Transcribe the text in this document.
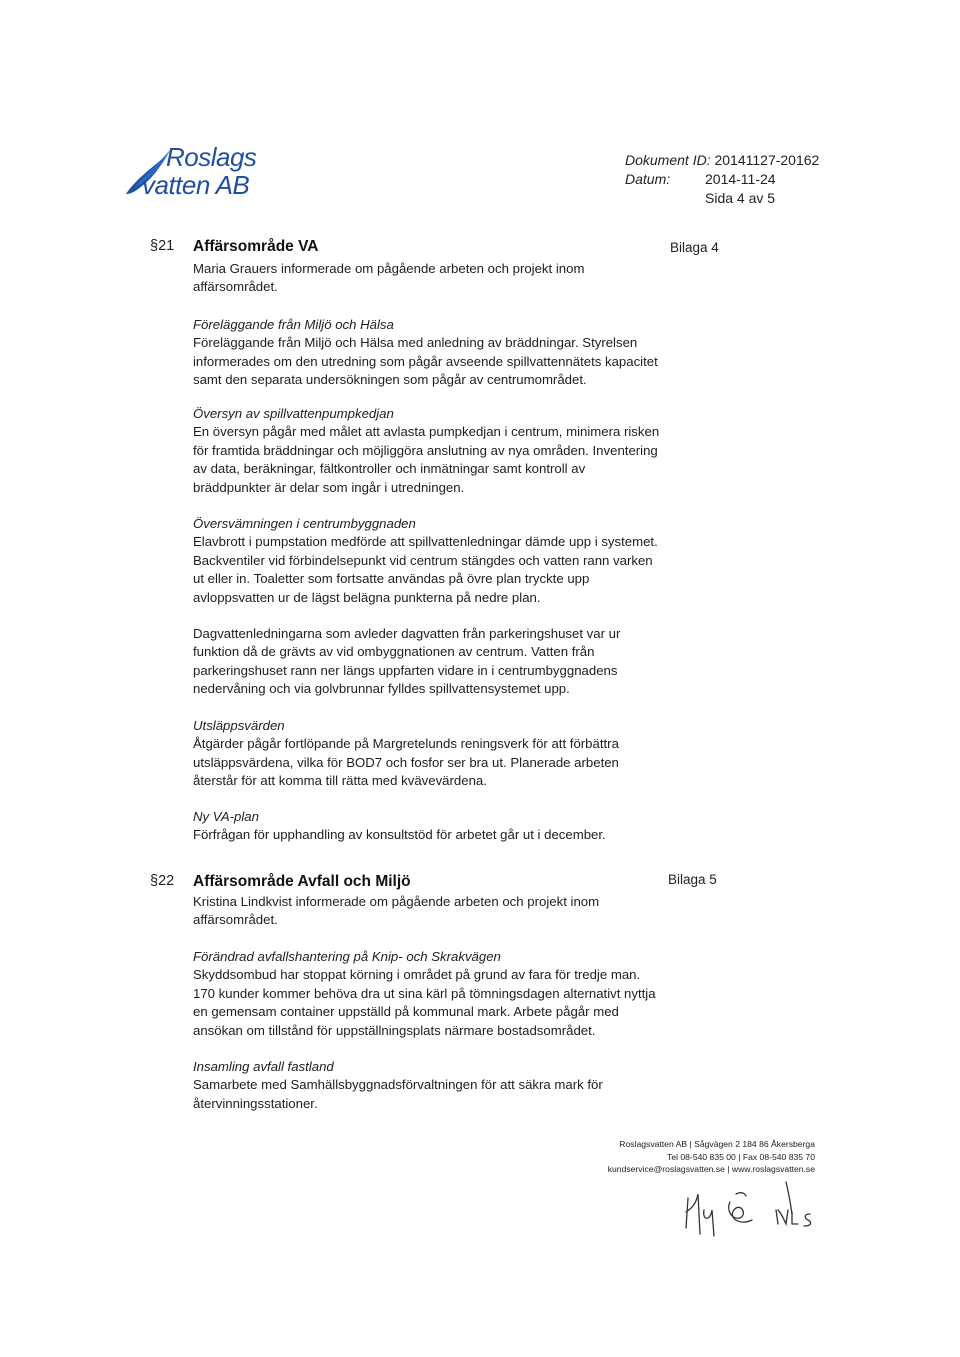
Roslags
vatten AB
Dokument ID: 20141127-20162
Datum: 2014-11-24
Sida 4 av 5
§21 Affärsområde VA	Bilaga 4

Maria Grauers informerade om pågående arbeten och projekt inom affärsområdet.

Föreläggande från Miljö och Hälsa

Föreläggande från Miljö och Hälsa med anledning av bräddningar. Styrelsen informerades om den utredning som pågår avseende spillvattennätets kapacitet samt den separata undersökningen som pågår av centrumområdet.

Översyn av spillvattenpumpkedjan

En översyn pågår med målet att avlasta pumpkedjan i centrum, minimera risken för framtida bräddningar och möjliggöra anslutning av nya områden. Inventering av data, beräkningar, fältkontroller och inmätningar samt kontroll av bräddpunkter är delar som ingår i utredningen.

Översvämningen i centrumbyggnaden

Elavbrott i pumpstation medförde att spillvattenledningar dämde upp i systemet. Backventiler vid förbindelsepunkt vid centrum stängdes och vatten rann varken ut eller in. Toaletter som fortsatte användas på övre plan tryckte upp avloppsvatten ur de lägst belägna punkterna på nedre plan.

Dagvattenledningarna som avleder dagvatten från parkeringshuset var ur funktion då de grävts av vid ombyggnationen av centrum. Vatten från parkeringshuset rann ner längs uppfarten vidare in i centrumbyggnadens nedervåning och via golvbrunnar fylldes spillvattensystemet upp.

Utsläppsvärden

Åtgärder pågår fortlöpande på Margretelunds reningsverk för att förbättra utsläppsvärdena, vilka för BOD7 och fosfor ser bra ut. Planerade arbeten återstår för att komma till rätta med kvävevärdena.

Ny VA-plan

Förfrågan för upphandling av konsultstöd för arbetet går ut i december.

§22 Affärsområde Avfall och Miljö	Bilaga 5

Kristina Lindkvist informerade om pågående arbeten och projekt inom affärsområdet.

Förändrad avfallshantering på Knip- och Skrakvägen

Skyddsombud har stoppat körning i området på grund av fara för tredje man. 170 kunder kommer behöva dra ut sina kärl på tömningsdagen alternativt nyttja en gemensam container uppställd på kommunal mark. Arbete pågår med ansökan om tillstånd för uppställningsplats närmare bostadsområdet.

Insamling avfall fastland

Samarbete med Samhällsbyggnadsförvaltningen för att säkra mark för återvinningsstationer.

Roslagsvatten AB | Sågvägen 2 184 86 Åkersberga
Tel 08-540 835 00 | Fax 08-540 835 70
kundservice@roslagsvatten.se | www.roslagsvatten.se
